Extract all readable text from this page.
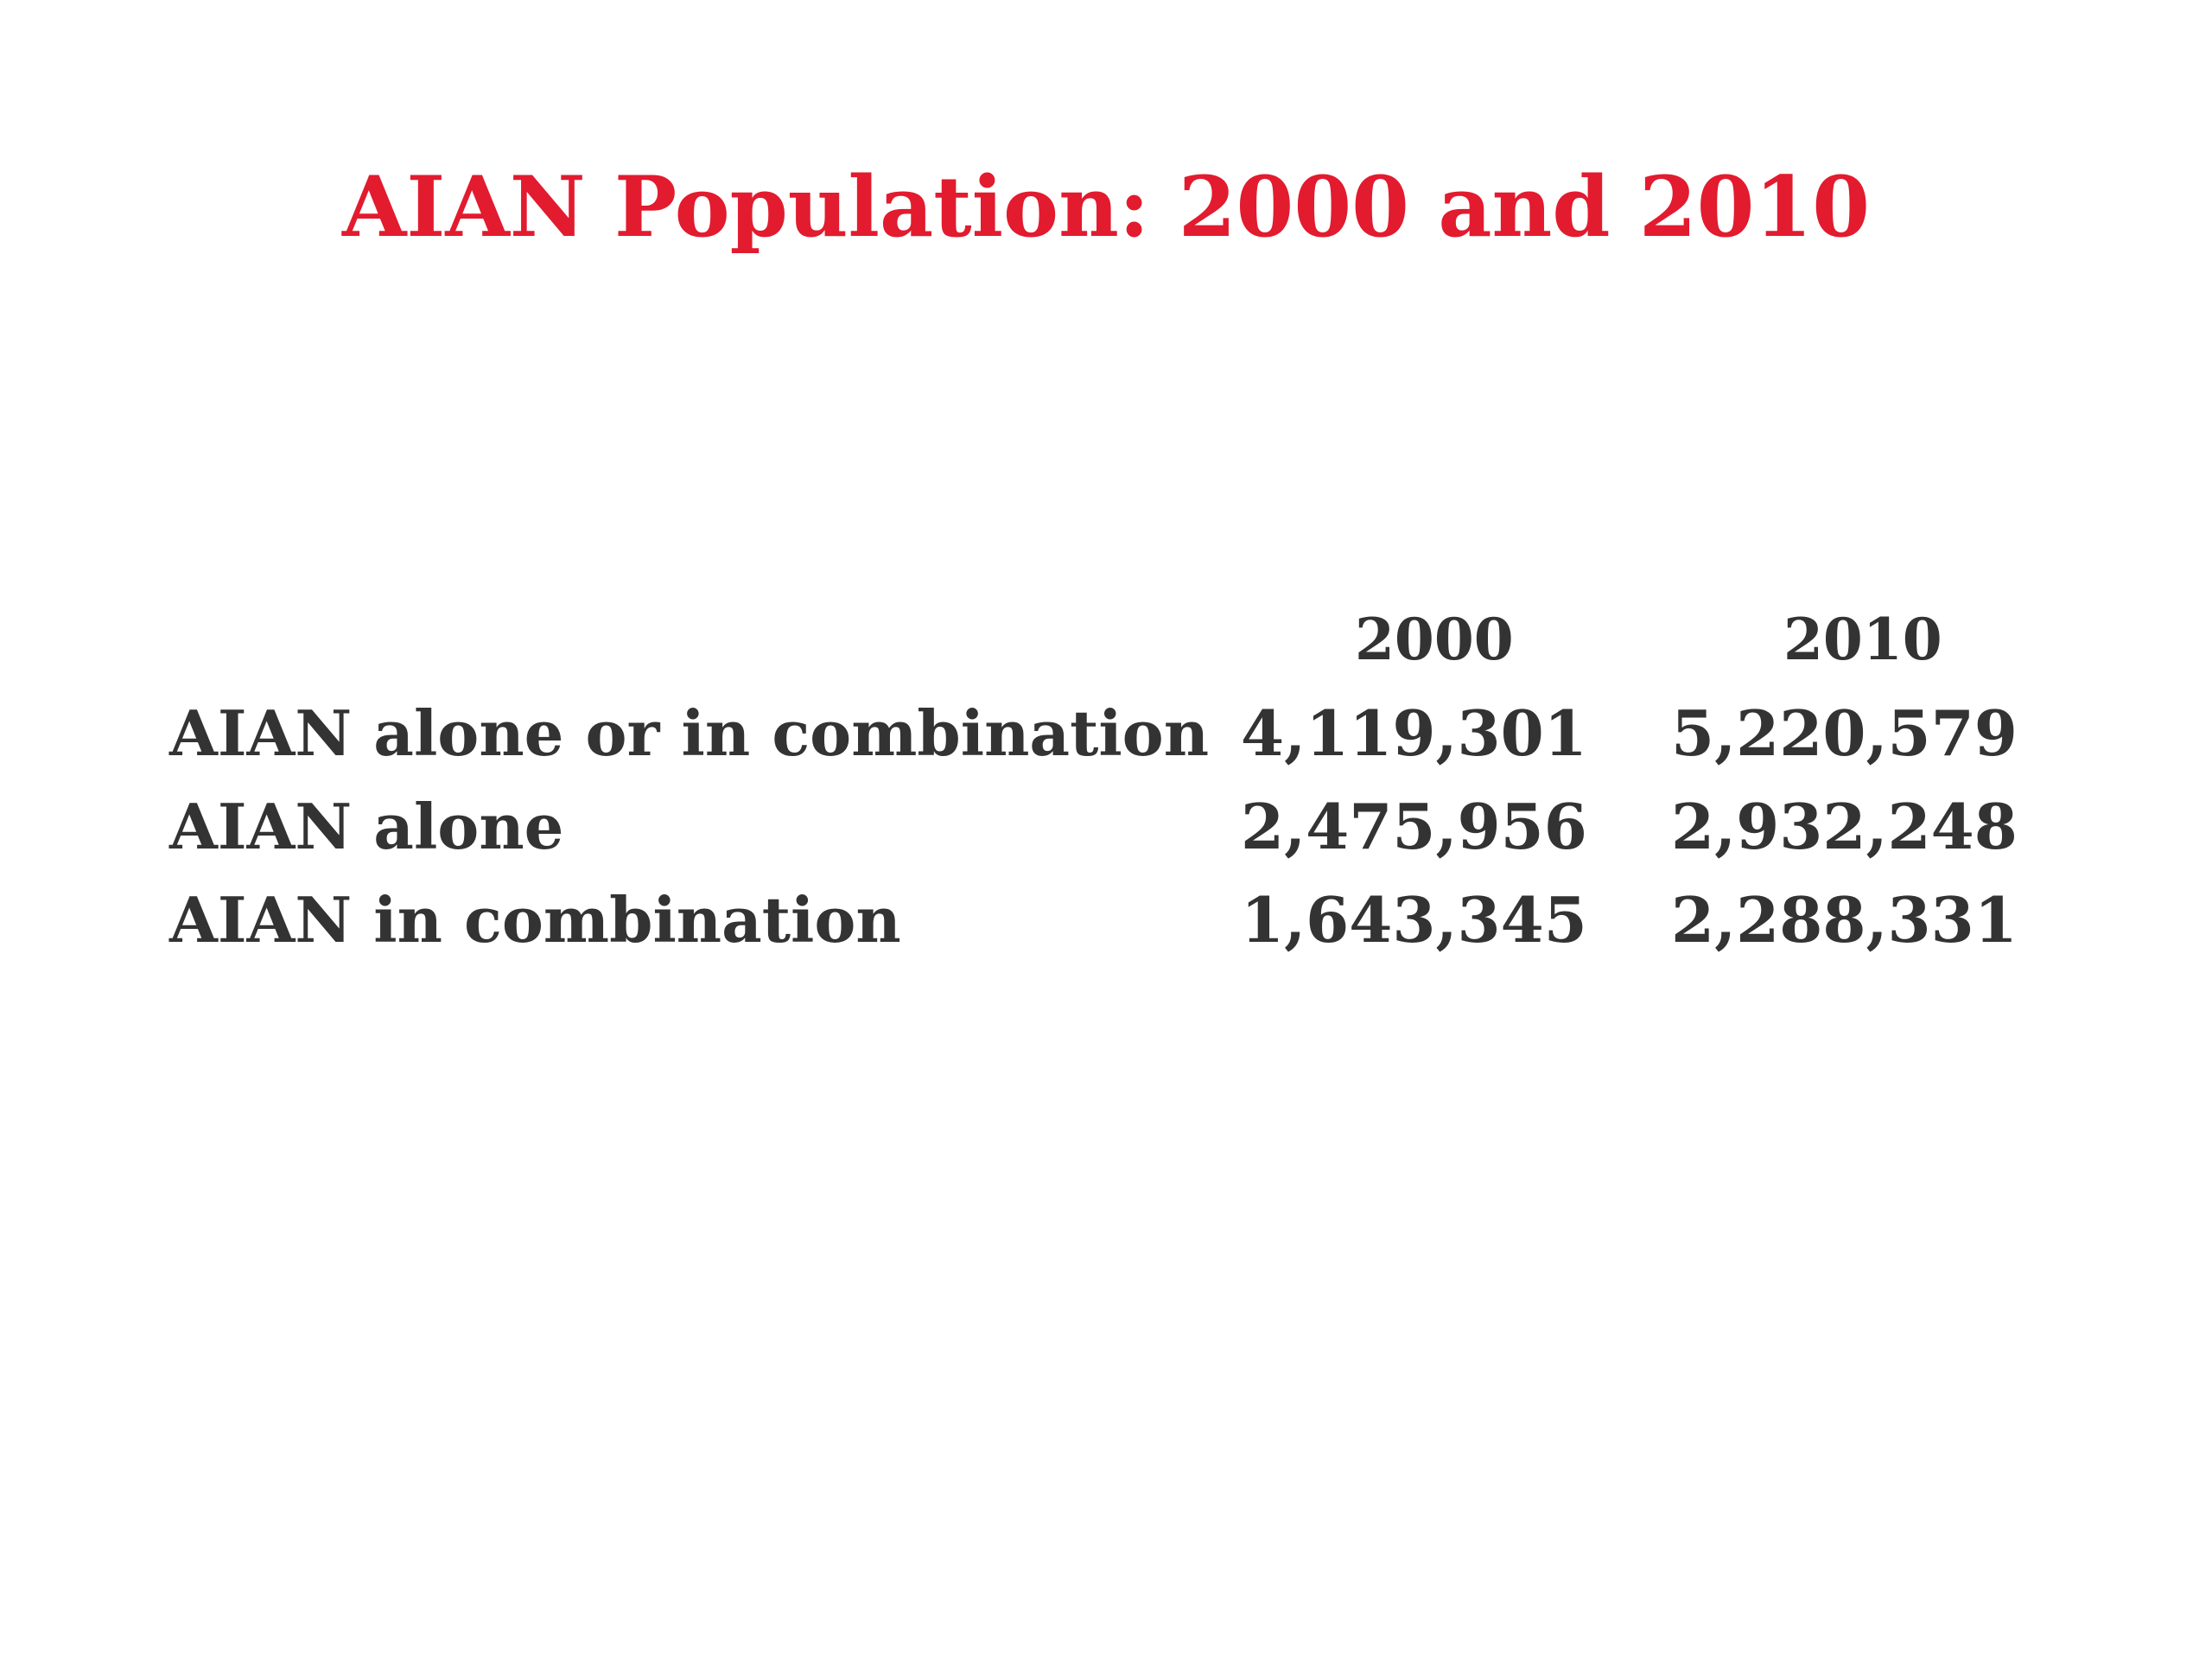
AIAN Population: 2000 and 2010
2000	2010
AIAN alone or in combination 4,119,301 5,220,579
AIAN alone	2,475,956 2,932,248
AIAN in combination	1,643,345 2,288,331
